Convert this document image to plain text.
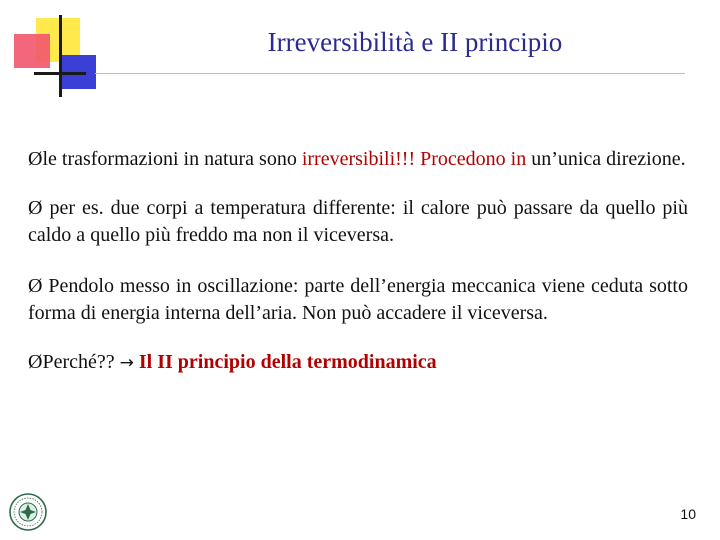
Irreversibilità e II principio

Øle trasformazioni in natura sono irreversibili!!! Procedono in un’unica direzione.

Ø per es. due corpi a temperatura differente: il calore può passare da quello più caldo a quello più freddo ma non il viceversa.

Ø Pendolo messo in oscillazione: parte dell’energia meccanica viene ceduta sotto forma di energia interna dell’aria. Non può accadere il viceversa.

ØPerché?? → Il II principio della termodinamica

10
